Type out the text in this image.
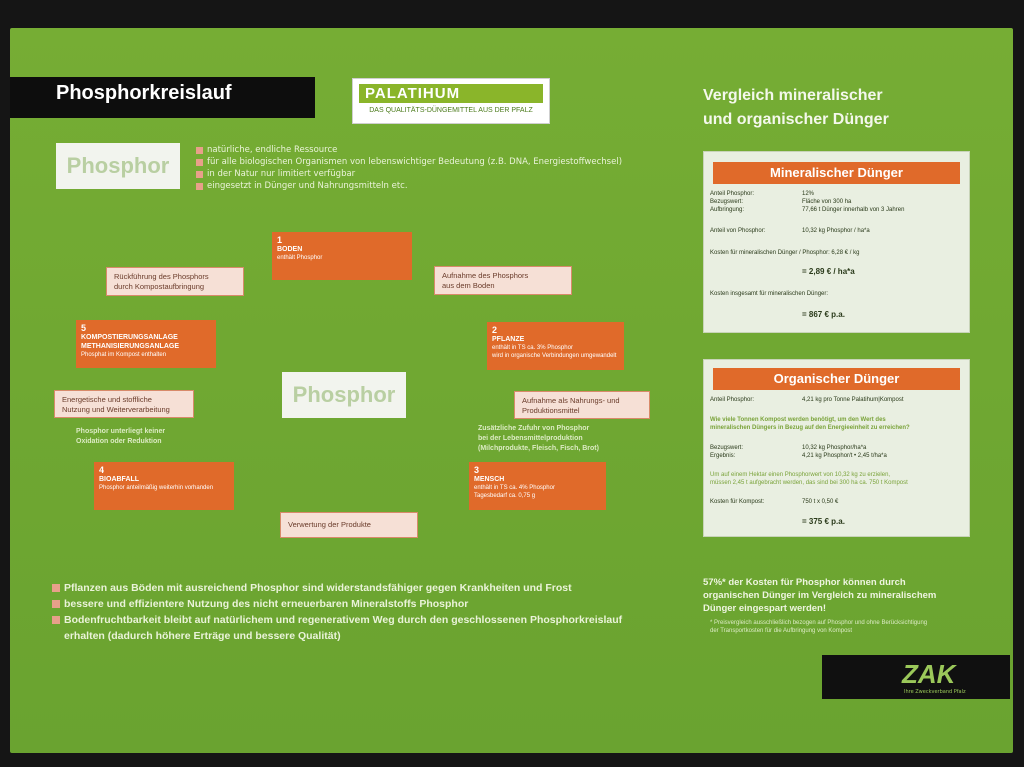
Phosphorkreislauf	PALATIHUM
DAS QUALITÄTS-DÜNGEMITTEL AUS DER PFALZ
Phosphor
natürliche, endliche Ressource
für alle biologischen Organismen von lebenswichtiger Bedeutung (z.B. DNA, Energiestoffwechsel)
in der Natur nur limitiert verfügbar
eingesetzt in Dünger und Nahrungsmitteln etc.
1
BODEN
enthält Phosphor
2
PFLANZE
enthält in TS ca. 3% Phosphor
wird in organische Verbindungen umgewandelt
3
MENSCH
enthält in TS ca. 4% Phosphor
Tagesbedarf ca. 0,75 g
4
BIOABFALL
Phosphor anteilmäßig weiterhin vorhanden
5
KOMPOSTIERUNGSANLAGE
METHANISIERUNGSANLAGE
Phosphat im Kompost enthalten
Rückführung des Phosphors
durch Kompostaufbringung
Aufnahme des Phosphors
aus dem Boden
Energetische und stoffliche
Nutzung und Weiterverarbeitung
Aufnahme als Nahrungs- und
Produktionsmittel
Verwertung der Produkte
Phosphor
Phosphor unterliegt keiner
Oxidation oder Reduktion
Zusätzliche Zufuhr von Phosphor
bei der Lebensmittelproduktion
(Milchprodukte, Fleisch, Fisch, Brot)
Pflanzen aus Böden mit ausreichend Phosphor sind widerstandsfähiger gegen Krankheiten und Frost
bessere und effizientere Nutzung des nicht erneuerbaren Mineralstoffs Phosphor
Bodenfruchtbarkeit bleibt auf natürlichem und regenerativem Weg durch den geschlossenen Phosphorkreislauf
erhalten (dadurch höhere Erträge und bessere Qualität)
Vergleich mineralischer
und organischer Dünger
Mineralischer Dünger
Anteil Phosphor:	12%
Bezugswert:	Fläche von 300 ha
Aufbringung:	77,66 t Dünger innerhalb von 3 Jahren
Anteil von Phosphor:	10,32 kg Phosphor / ha*a
Kosten für mineralischen Dünger / Phosphor: 6,28 € / kg
= 2,89 € / ha*a
Kosten insgesamt für mineralischen Dünger:
= 867 € p.a.
Organischer Dünger
Anteil Phosphor:	4,21 kg pro Tonne Palatihum|Kompost
Wie viele Tonnen Kompost werden benötigt, um den Wert des
mineralischen Düngers in Bezug auf den Energieeinheit zu erreichen?
Bezugswert:	10,32 kg Phosphor/ha*a
Ergebnis:	4,21 kg Phosphor/t • 2,45 t/ha*a
Um auf einem Hektar einen Phosphorwert von 10,32 kg zu erzielen,
müssen 2,45 t aufgebracht werden, das sind bei 300 ha ca. 750 t Kompost
Kosten für Kompost:	750 t x 0,50 €
= 375 € p.a.
57%* der Kosten für Phosphor können durch
organischen Dünger im Vergleich zu mineralischem
Dünger eingespart werden!
* Preisvergleich ausschließlich bezogen auf Phosphor und ohne Berücksichtigung
der Transportkosten für die Aufbringung von Kompost
ZAK
Ihre Zweckverband Pfalz
